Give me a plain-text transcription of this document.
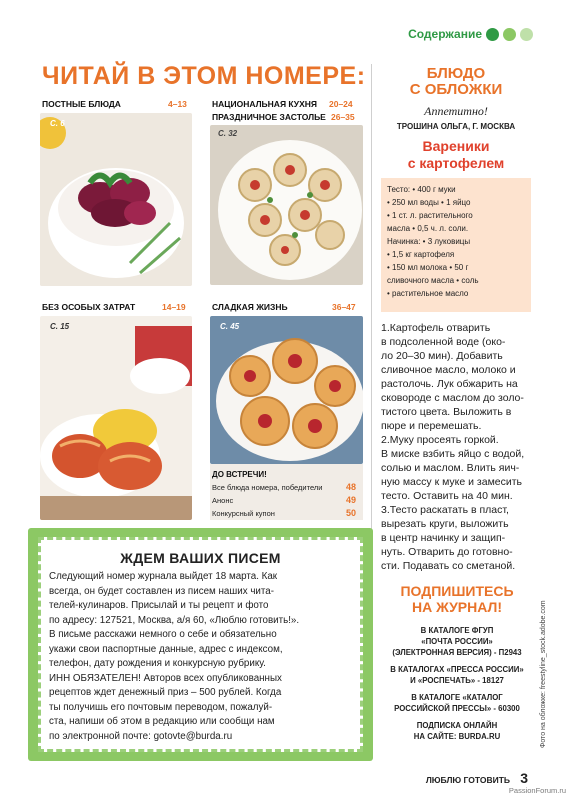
Содержание
ЧИТАЙ В ЭТОМ НОМЕРЕ:
ПОСТНЫЕ БЛЮДА	4–13
С. 6
НАЦИОНАЛЬНАЯ КУХНЯ 20–24
ПРАЗДНИЧНОЕ ЗАСТОЛЬЕ 26–35
С. 32
БЕЗ ОСОБЫХ ЗАТРАТ	14–19
С. 15
СЛАДКАЯ ЖИЗНЬ	36–47
С. 45
ДО ВСТРЕЧИ!
Все блюда номера, победители	48
Анонс	49
Конкурсный купон	50
БЛЮДО
С ОБЛОЖКИ
Аппетитно!
ТРОШИНА ОЛЬГА, Г. МОСКВА
Вареники
с картофелем
Тесто: • 400 г муки
• 250 мл воды • 1 яйцо
• 1 ст. л. растительного
масла • 0,5 ч. л. соли.
Начинка: • 3 луковицы
• 1,5 кг картофеля
• 150 мл молока • 50 г
сливочного масла • соль
• растительное масло
1.Картофель отварить
в подсоленной воде (око-
ло 20–30 мин). Добавить
сливочное масло, молоко и
растолочь. Лук обжарить на
сковороде с маслом до золо-
тистого цвета. Выложить в
пюре и перемешать.
2.Муку просеять горкой.
В миске взбить яйцо с водой,
солью и маслом. Влить яич-
ную массу к муке и замесить
тесто. Оставить на 40 мин.
3.Тесто раскатать в пласт,
вырезать круги, выложить
в центр начинку и защип-
нуть. Отварить до готовно-
сти. Подавать со сметаной.
ЖДЕМ ВАШИХ ПИСЕМ
Следующий номер журнала выйдет 18 марта. Как
всегда, он будет составлен из писем наших чита-
телей-кулинаров. Присылай и ты рецепт и фото
по адресу: 127521, Москва, а/я 60, «Люблю готовить!».
В письме расскажи немного о себе и обязательно
укажи свои паспортные данные, адрес с индексом,
телефон, дату рождения и конкурсную рубрику.
ИНН ОБЯЗАТЕЛЕН! Авторов всех опубликованных
рецептов ждет денежный приз – 500 рублей. Когда
ты получишь его почтовым переводом, пожалуй-
ста, напиши об этом в редакцию или сообщи нам
по электронной почте: gotovte@burda.ru
ПОДПИШИТЕСЬ
НА ЖУРНАЛ!
В КАТАЛОГЕ ФГУП
«ПОЧТА РОССИИ»
(ЭЛЕКТРОННАЯ ВЕРСИЯ) - П2943
В КАТАЛОГАХ «ПРЕССА РОССИИ»
И «РОСПЕЧАТЬ» - 18127
В КАТАЛОГЕ «КАТАЛОГ
РОССИЙСКОЙ ПРЕССЫ» - 60300
ПОДПИСКА ОНЛАЙН
НА САЙТЕ: BURDA.RU	Фото на обложке: freestyline_stock.adobe.com
ЛЮБЛЮ ГОТОВИТЬ 3
PassionForum.ru
